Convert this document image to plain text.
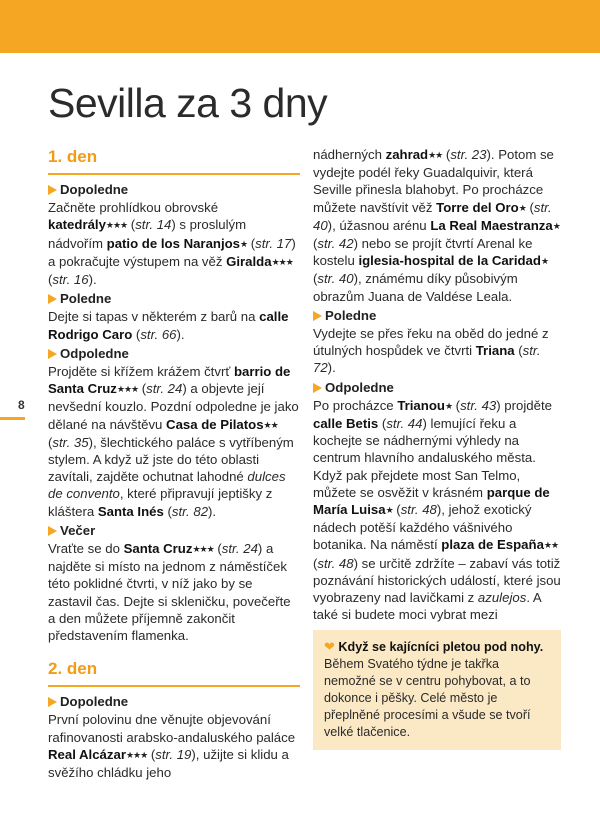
Sevilla za 3 dny
8
1. den
Dopoledne

Začněte prohlídkou obrovské katedrály★★★ (str. 14) s proslulým nádvořím patio de los Naranjos★ (str. 17) a pokračujte výstupem na věž Giralda★★★ (str. 16).

Poledne

Dejte si tapas v některém z barů na calle Rodrigo Caro (str. 66).

Odpoledne

Projděte si křížem krážem čtvrť barrio de Santa Cruz★★★ (str. 24) a objevte její nevšední kouzlo. Pozdní odpoledne je jako dělané na návštěvu Casa de Pilatos★★ (str. 35), šlechtického paláce s vytříbeným stylem. A když už jste do této oblasti zavítali, zajděte ochutnat lahodné dulces de convento, které připravují jeptišky z kláštera Santa Inés (str. 82).

Večer

Vraťte se do Santa Cruz★★★ (str. 24) a najděte si místo na jednom z náměstíček této poklidné čtvrti, v níž jako by se zastavil čas. Dejte si skleničku, povečeřte a den můžete příjemně zakončit představením flamenka.

2. den
Dopoledne

První polovinu dne věnujte objevování rafinovanosti arabsko-andaluského paláce Real Alcázar★★★ (str. 19), užijte si klidu a svěžího chládku jeho

nádherných zahrad★★ (str. 23). Potom se vydejte podél řeky Guadalquivir, která Seville přinesla blahobyt. Po procházce můžete navštívit věž Torre del Oro★ (str. 40), úžasnou arénu La Real Maestranza★ (str. 42) nebo se projít čtvrtí Arenal ke kostelu iglesia-hospital de la Caridad★ (str. 40), známému díky působivým obrazům Juana de Valdése Leala.

Poledne

Vydejte se přes řeku na oběd do jedné z útulných hospůdek ve čtvrti Triana (str. 72).

Odpoledne

Po procházce Trianou★ (str. 43) projděte calle Betis (str. 44) lemující řeku a kochejte se nádhernými výhledy na centrum hlavního andaluského města. Když pak přejdete most San Telmo, můžete se osvěžit v krásném parque de María Luisa★ (str. 48), jehož exotický nádech potěší každého vášnivého botanika. Na náměstí plaza de España★★ (str. 48) se určitě zdržíte – zabaví vás totiž poznávání historických událostí, které jsou vyobrazeny nad lavičkami z azulejos. A také si budete moci vybrat mezi

❤ Když se kajícníci pletou pod nohy. Během Svatého týdne je takřka nemožné se v centru pohybovat, a to dokonce i pěšky. Celé město je přeplněné procesími a všude se tvoří velké tlačenice.
